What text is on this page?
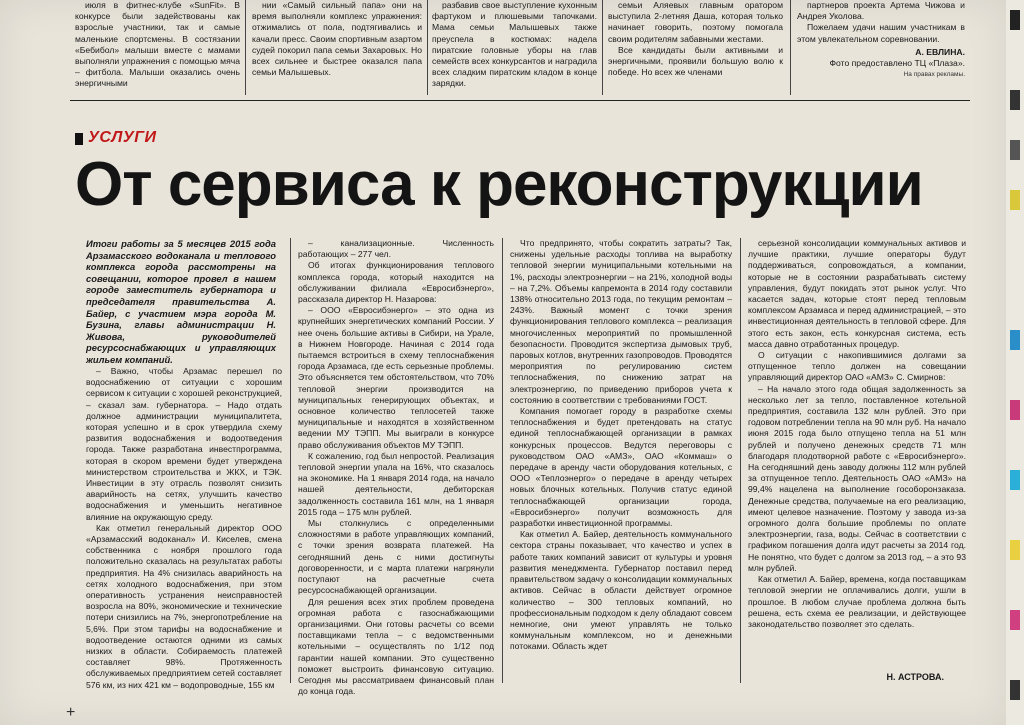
июля в фитнес-клубе «SunFit». В конкурсе были задействованы как взрослые участники, так и самые маленькие спортсмены. В состязании «Бебибол» малыши вместе с мамами выполняли упражнения с помощью мяча – фитбола. Малыши оказались очень энергичными

нии «Самый сильный папа» они на время выполняли комплекс упражнения: отжимались от пола, подтягивались и качали пресс. Своим спортивным азартом судей покорил папа семьи Захаровых. Но всех сильнее и быстрее оказался папа семьи Малышевых.

разбавив свое выступление кухонным фартуком и плюшевыми тапочками. Мама семьи Малышевых также преуспела в костюмах: надела пиратские головные уборы на глав семейств всех конкурсантов и наградила всех сладким пиратским кладом в конце зарядки.

семьи Аляевых главным оратором выступила 2-летняя Даша, которая только начинает говорить, поэтому помогала своим родителям забавными жестами.

Все кандидаты были активными и энергичными, проявили большую волю к победе. Но всех же членами

партнеров проекта Артема Чижова и Андрея Уколова.

Пожелаем удачи нашим участникам в этом увлекательном соревновании.

А. ЕВЛИНА.
Фото предоставлено ТЦ «Плаза».
На правах рекламы.
УСЛУГИ
От сервиса к реконструкции
Итоги работы за 5 месяцев 2015 года Арзамасского водоканала и теплового комплекса города рассмотрены на совещании, которое провел в нашем городе заместитель губернатора и председателя правительства А. Байер, с участием мэра города М. Бузина, главы администрации Н. Живова, руководителей ресурсоснабжающих и управляющих жильем компаний.

– Важно, чтобы Арзамас перешел по водоснабжению от ситуации с хорошим сервисом к ситуации с хорошей реконструкцией, – сказал зам. губернатора. – Надо отдать должное администрации муниципалитета, которая успешно и в срок утвердила схему развития водоснабжения и водоотведения города. Также разработана инвестпрограмма, которая в скором времени будет утверждена министерством строительства и ЖКХ, и ТЭК. Инвестиции в эту отрасль позволят снизить аварийность на сетях, улучшить качество водоснабжения и уменьшить негативное влияние на окружающую среду.

Как отметил генеральный директор ООО «Арзамасский водоканал» И. Киселев, смена собственника с ноября прошлого года положительно сказалась на результатах работы предприятия. На 4% снизилась аварийность на сетях холодного водоснабжения, при этом оперативность устранения неисправностей возросла на 80%, экономические и технические потери снизились на 7%, энергопотребление на 5,6%. При этом тарифы на водоснабжение и водоотведение остаются одними из самых низких в области. Собираемость платежей составляет 98%. Протяженность обслуживаемых предприятием сетей составляет 576 км, из них 421 км – водопроводные, 155 км

– канализационные. Численность работающих – 277 чел.

Об итогах функционирования теплового комплекса города, который находится на обслуживании филиала «Евросибэнерго», рассказала директор Н. Назарова:

– ООО «Евросибэнерго» – это одна из крупнейших энергетических компаний России. У нее очень большие активы в Сибири, на Урале, в Нижнем Новгороде. Начиная с 2014 года пытаемся встроиться в схему теплоснабжения города Арзамаса, где есть серьезные проблемы. Это объясняется тем обстоятельством, что 70% тепловой энергии производится на муниципальных генерирующих объектах, и основное количество теплосетей также муниципальные и находятся в хозяйственном ведении МУ ТЭПП. Мы выиграли в конкурсе право обслуживания объектов МУ ТЭПП.

К сожалению, год был непростой. Реализация тепловой энергии упала на 16%, что сказалось на экономике. На 1 января 2014 года, на начало нашей деятельности, дебиторская задолженность составила 161 млн, на 1 января 2015 года – 175 млн рублей.

Мы столкнулись с определенными сложностями в работе управляющих компаний, с точки зрения возврата платежей. На сегодняшний день с ними достигнуты договоренности, и с марта платежи нагрянули поступают на расчетные счета ресурсоснабжающей организации.

Для решения всех этих проблем проведена огромная работа с газоснабжающими организациями. Они готовы расчеты со всеми поставщиками тепла – с ведомственными котельными – осуществлять по 1/12 под гарантии нашей компании. Это существенно поможет выстроить финансовую ситуацию. Сегодня мы рассматриваем финансовый план до конца года.

Что предпринято, чтобы сократить затраты? Так, снижены удельные расходы топлива на выработку тепловой энергии муниципальными котельными на 1%, расходы электроэнергии – на 21%, холодной воды – на 7,2%. Объемы капремонта в 2014 году составили 138% относительно 2013 года, по текущим ремонтам – 243%. Важный момент с точки зрения функционирования теплового комплекса – реализация многочисленных мероприятий по промышленной безопасности. Проводится экспертиза дымовых труб, паровых котлов, внутренних газопроводов. Проводятся мероприятия по регулированию систем теплоснабжения, по снижению затрат на электроэнергию, по приведению приборов учета к состоянию в соответствии с требованиями ГОСТ.

Компания помогает городу в разработке схемы теплоснабжения и будет претендовать на статус единой теплоснабжающей организации в рамках конкурсных процессов. Ведутся переговоры с руководством ОАО «АМЗ», ОАО «Коммаш» о передаче в аренду части оборудования котельных, с ООО «Теплоэнерго» о передаче в аренду четырех новых блочных котельных. Получив статус единой теплоснабжающей организации города, «Евросибэнерго» получит возможность для разработки инвестиционной программы.

Как отметил А. Байер, деятельность коммунального сектора страны показывает, что качество и успех в работе таких компаний зависит от культуры и уровня развития менеджмента. Губернатор поставил перед правительством задачу о консолидации коммунальных активов. Сейчас в области действует огромное количество – 300 тепловых компаний, но профессиональным подходом к делу обладают совсем немногие, они умеют управлять не только коммунальным комплексом, но и денежными потоками. Область ждет

серьезной консолидации коммунальных активов и лучшие практики, лучшие операторы будут поддерживаться, сопровождаться, а компании, которые не в состоянии разрабатывать систему управления, будут покидать этот рынок услуг. Что касается задач, которые стоят перед тепловым комплексом Арзамаса и перед администрацией, – это инвестиционная деятельность в тепловой сфере. Для этого есть закон, есть конкурсная система, есть масса давно отработанных процедур.

О ситуации с накопившимися долгами за отпущенное тепло должен на совещании управляющий директор ОАО «АМЗ» С. Смирнов:

– На начало этого года общая задолженность за несколько лет за тепло, поставленное котельной предприятия, составила 132 млн рублей. Это при годовом потреблении тепла на 90 млн руб. На начало июня 2015 года было отпущено тепла на 51 млн рублей и получено денежных средств 71 млн благодаря плодотворной работе с «Евросибэнерго». На сегодняшний день заводу должны 112 млн рублей за отпущенное тепло. Деятельность ОАО «АМЗ» на 99,4% нацелена на выполнение гособоронзаказа. Денежные средства, получаемые на его реализацию, имеют целевое назначение. Поэтому у завода из-за огромного долга большие проблемы по оплате электроэнергии, газа, воды. Сейчас в соответствии с графиком погашения долга идут расчеты за 2014 год. Не понятно, что будет с долгом за 2013 год, – а это 93 млн рублей.

Как отметил А. Байер, времена, когда поставщикам тепловой энергии не оплачивались долги, ушли в прошлое. В любом случае проблема должна быть решена, есть схема ее реализации, и действующее законодательство позволяет это сделать.

Н. АСТРОВА.
+
